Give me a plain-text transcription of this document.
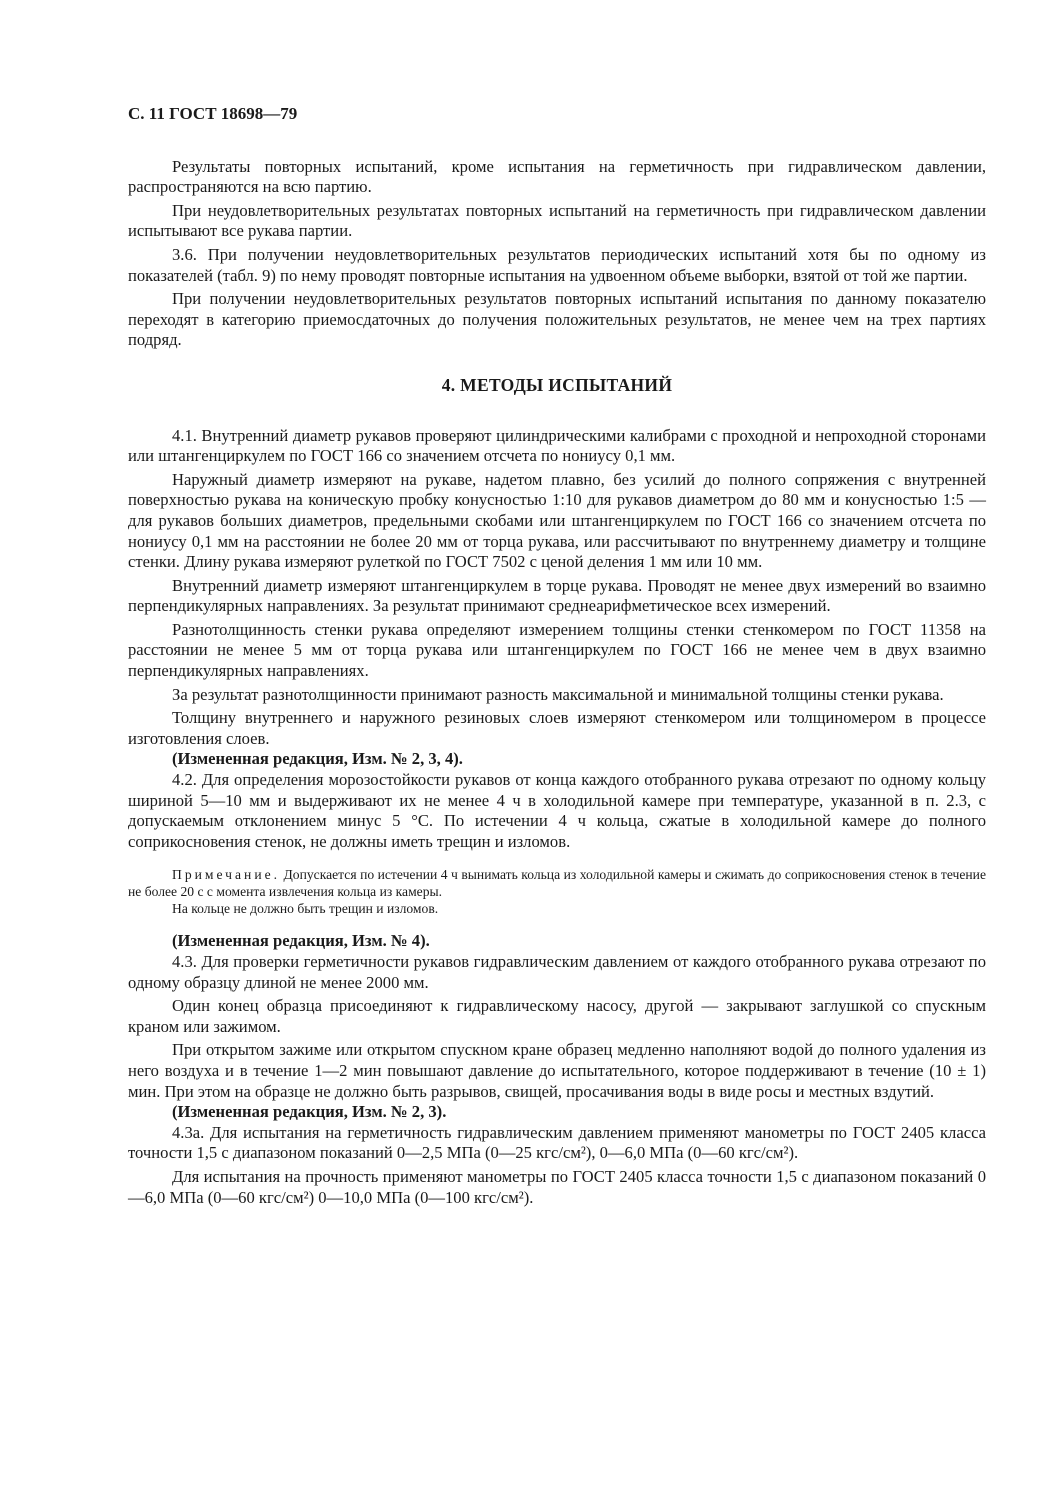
С. 11 ГОСТ 18698—79

Результаты повторных испытаний, кроме испытания на герметичность при гидравлическом давлении, распространяются на всю партию.

При неудовлетворительных результатах повторных испытаний на герметичность при гидравлическом давлении испытывают все рукава партии.

3.6. При получении неудовлетворительных результатов периодических испытаний хотя бы по одному из показателей (табл. 9) по нему проводят повторные испытания на удвоенном объеме выборки, взятой от той же партии.

При получении неудовлетворительных результатов повторных испытаний испытания по данному показателю переходят в категорию приемосдаточных до получения положительных результатов, не менее чем на трех партиях подряд.

4. МЕТОДЫ ИСПЫТАНИЙ

4.1. Внутренний диаметр рукавов проверяют цилиндрическими калибрами с проходной и непроходной сторонами или штангенциркулем по ГОСТ 166 со значением отсчета по нониусу 0,1 мм.

Наружный диаметр измеряют на рукаве, надетом плавно, без усилий до полного сопряжения с внутренней поверхностью рукава на коническую пробку конусностью 1:10 для рукавов диаметром до 80 мм и конусностью 1:5 — для рукавов больших диаметров, предельными скобами или штангенциркулем по ГОСТ 166 со значением отсчета по нониусу 0,1 мм на расстоянии не более 20 мм от торца рукава, или рассчитывают по внутреннему диаметру и толщине стенки. Длину рукава измеряют рулеткой по ГОСТ 7502 с ценой деления 1 мм или 10 мм.

Внутренний диаметр измеряют штангенциркулем в торце рукава. Проводят не менее двух измерений во взаимно перпендикулярных направлениях. За результат принимают среднеарифметическое всех измерений.

Разнотолщинность стенки рукава определяют измерением толщины стенки стенкомером по ГОСТ 11358 на расстоянии не менее 5 мм от торца рукава или штангенциркулем по ГОСТ 166 не менее чем в двух взаимно перпендикулярных направлениях.

За результат разнотолщинности принимают разность максимальной и минимальной толщины стенки рукава.

Толщину внутреннего и наружного резиновых слоев измеряют стенкомером или толщиномером в процессе изготовления слоев.

(Измененная редакция, Изм. № 2, 3, 4).

4.2. Для определения морозостойкости рукавов от конца каждого отобранного рукава отрезают по одному кольцу шириной 5—10 мм и выдерживают их не менее 4 ч в холодильной камере при температуре, указанной в п. 2.3, с допускаемым отклонением минус 5 °С. По истечении 4 ч кольца, сжатые в холодильной камере до полного соприкосновения стенок, не должны иметь трещин и изломов.

Примечание. Допускается по истечении 4 ч вынимать кольца из холодильной камеры и сжимать до соприкосновения стенок в течение не более 20 с с момента извлечения кольца из камеры.

На кольце не должно быть трещин и изломов.

(Измененная редакция, Изм. № 4).

4.3. Для проверки герметичности рукавов гидравлическим давлением от каждого отобранного рукава отрезают по одному образцу длиной не менее 2000 мм.

Один конец образца присоединяют к гидравлическому насосу, другой — закрывают заглушкой со спускным краном или зажимом.

При открытом зажиме или открытом спускном кране образец медленно наполняют водой до полного удаления из него воздуха и в течение 1—2 мин повышают давление до испытательного, которое поддерживают в течение (10 ± 1) мин. При этом на образце не должно быть разрывов, свищей, просачивания воды в виде росы и местных вздутий.

(Измененная редакция, Изм. № 2, 3).

4.3а. Для испытания на герметичность гидравлическим давлением применяют манометры по ГОСТ 2405 класса точности 1,5 с диапазоном показаний 0—2,5 МПа (0—25 кгс/см²), 0—6,0 МПа (0—60 кгс/см²).

Для испытания на прочность применяют манометры по ГОСТ 2405 класса точности 1,5 с диапазоном показаний 0—6,0 МПа (0—60 кгс/см²) 0—10,0 МПа (0—100 кгс/см²).
